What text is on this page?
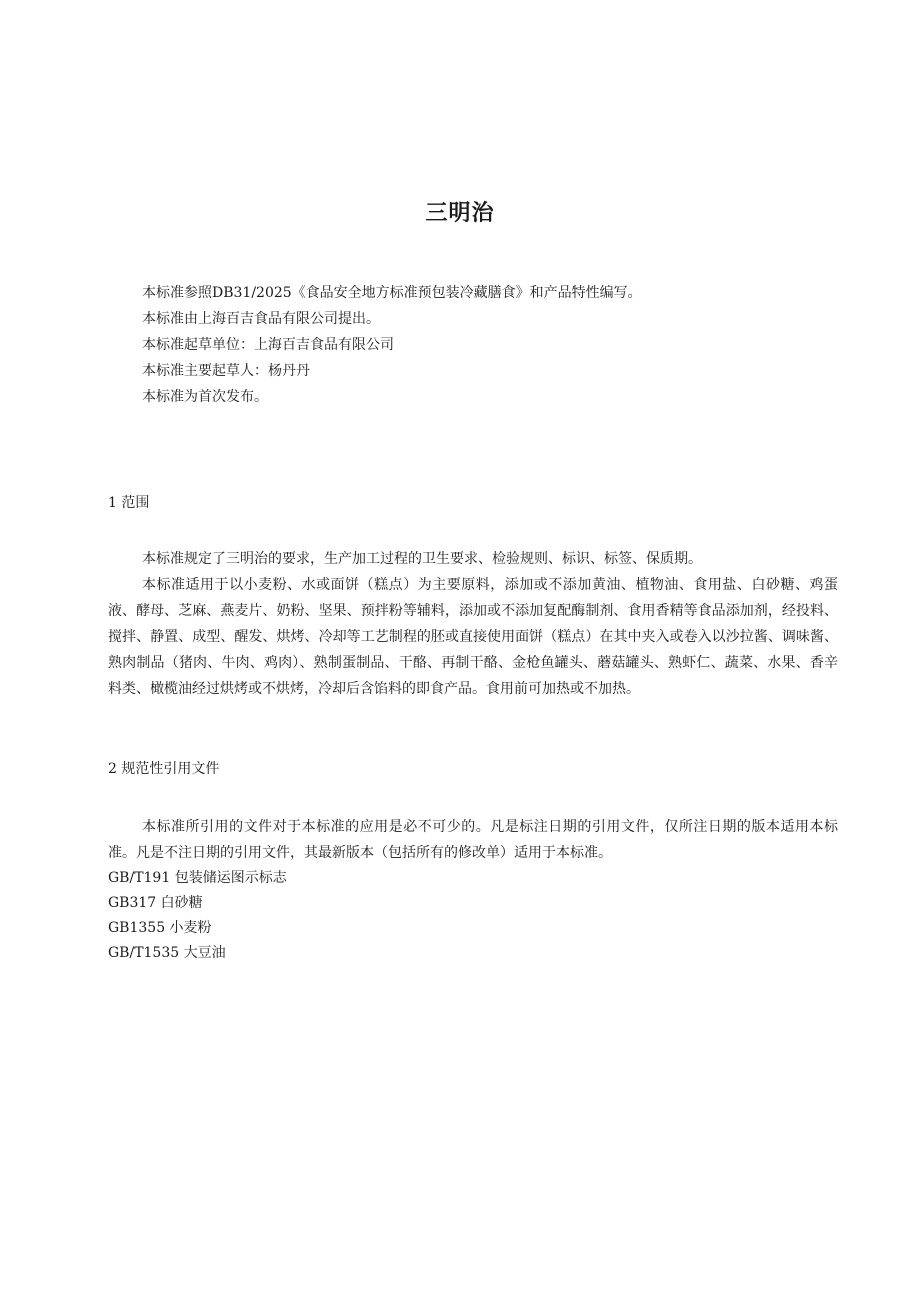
三明治
本标准参照DB31/2025《食品安全地方标准预包装冷藏膳食》和产品特性编写。
本标准由上海百吉食品有限公司提出。
本标准起草单位：上海百吉食品有限公司
本标准主要起草人：杨丹丹
本标准为首次发布。
1 范围

本标准规定了三明治的要求，生产加工过程的卫生要求、检验规则、标识、标签、保质期。

本标准适用于以小麦粉、水或面饼（糕点）为主要原料，添加或不添加黄油、植物油、食用盐、白砂糖、鸡蛋液、酵母、芝麻、燕麦片、奶粉、坚果、预拌粉等辅料，添加或不添加复配酶制剂、食用香精等食品添加剂，经投料、搅拌、静置、成型、醒发、烘烤、冷却等工艺制程的胚或直接使用面饼（糕点）在其中夹入或卷入以沙拉酱、调味酱、熟肉制品（猪肉、牛肉、鸡肉）、熟制蛋制品、干酪、再制干酪、金枪鱼罐头、蘑菇罐头、熟虾仁、蔬菜、水果、香辛料类、橄榄油经过烘烤或不烘烤，冷却后含馅料的即食产品。食用前可加热或不加热。

2 规范性引用文件

本标准所引用的文件对于本标准的应用是必不可少的。凡是标注日期的引用文件，仅所注日期的版本适用本标准。凡是不注日期的引用文件，其最新版本（包括所有的修改单）适用于本标准。

GB/T191 包装储运图示标志
GB317 白砂糖
GB1355 小麦粉
GB/T1535 大豆油
